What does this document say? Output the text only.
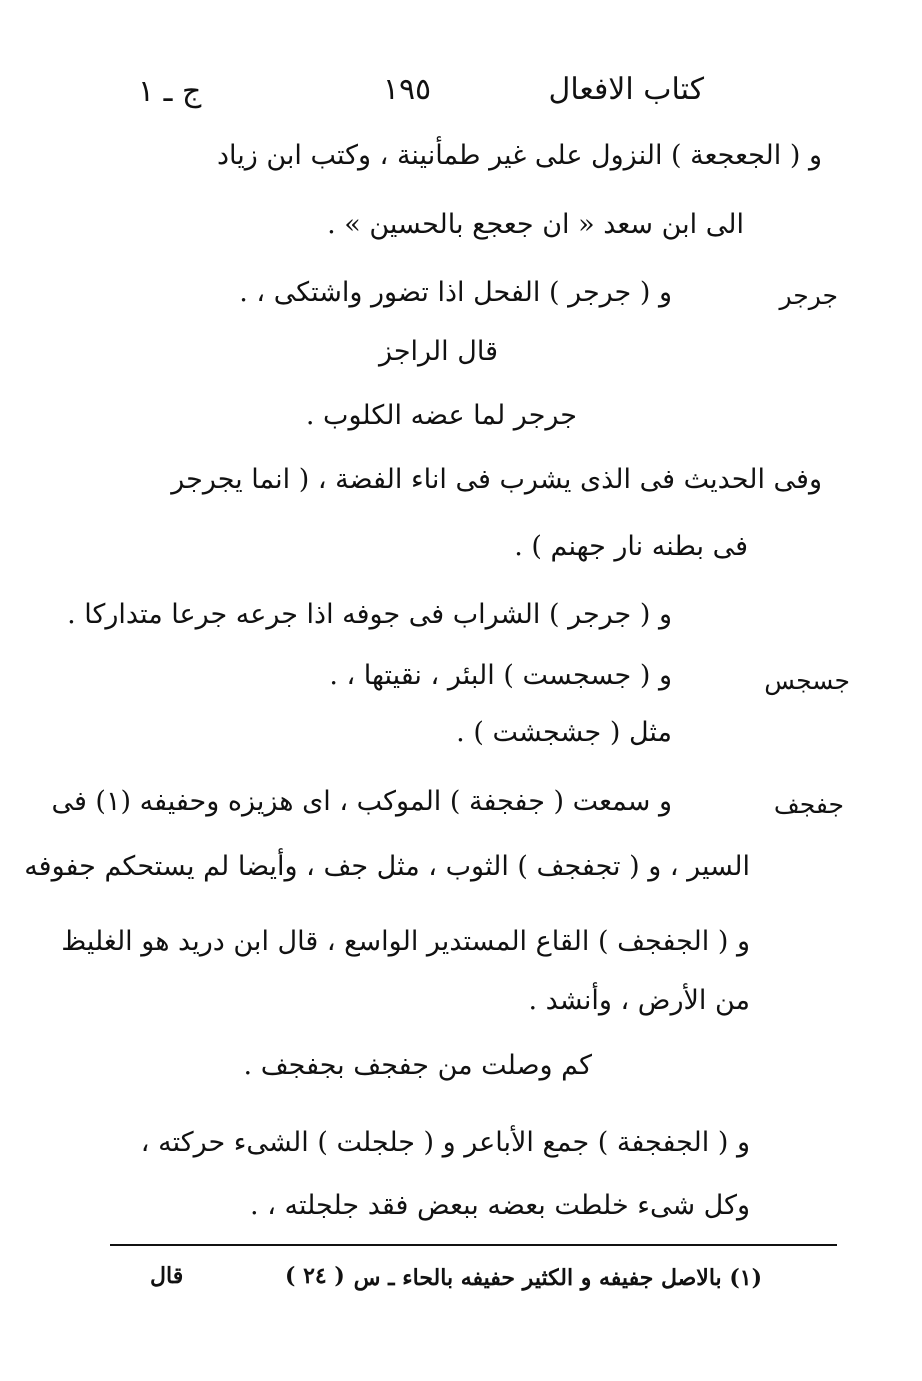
كتاب الافعال
١٩٥
ج ـ ١
و ( الجعجعة ) النزول على غير طمأنينة ، وكتب ابن زياد
الى ابن سعد « ان جعجع بالحسين » .
جرجر
و ( جرجر ) الفحل اذا تضور واشتكى ، .
قال الراجز
جرجر لما عضه الكلوب .
وفى الحديث فى الذى يشرب فى اناء الفضة ، ( انما يجرجر
فى بطنه نار جهنم ) .
و ( جرجر ) الشراب فى جوفه اذا جرعه جرعا متداركا .
جسجس
و ( جسجست ) البئر ، نقيتها ، .
مثل ( جشجشت ) .
جفجف
و سمعت ( جفجفة ) الموكب ، اى هزيزه وحفيفه (١) فى
السير ، و ( تجفجف ) الثوب ، مثل جف ، وأيضا لم يستحكم جفوفه
و ( الجفجف ) القاع المستدير الواسع ، قال ابن دريد هو الغليظ
من الأرض ، وأنشد .
كم وصلت من جفجف بجفجف .
و ( الجفجفة ) جمع الأباعر و ( جلجلت ) الشىء حركته ،
وكل شىء خلطت بعضه ببعض فقد جلجلته ، .
(١) بالاصل جفيفه و الكثير حفيفه بالحاء ـ س
( ٢٤ )
قال
